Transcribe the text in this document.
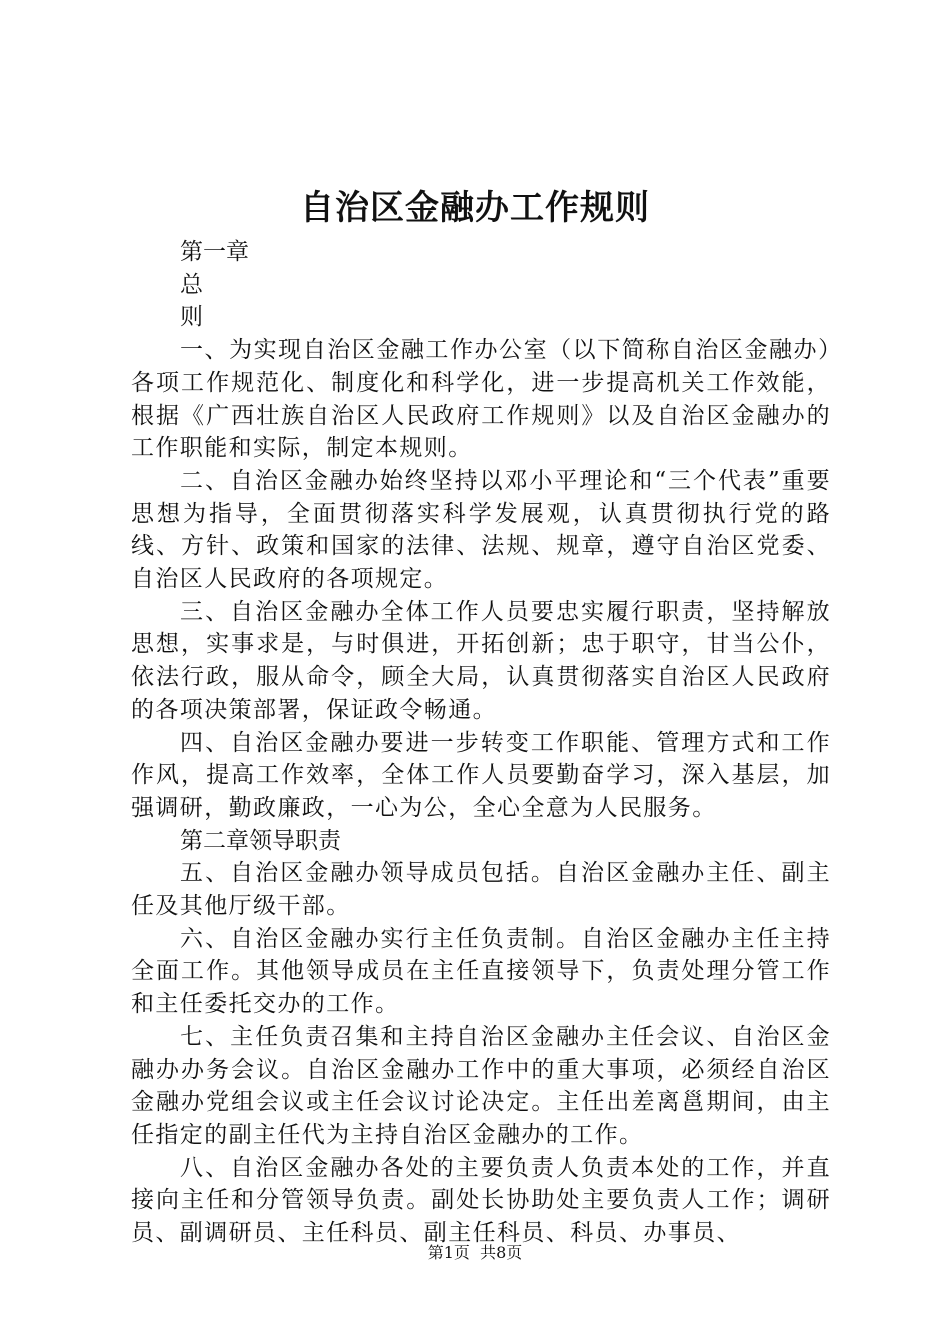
自治区金融办工作规则

第一章

总

则

一、为实现自治区金融工作办公室（以下简称自治区金融办）各项工作规范化、制度化和科学化，进一步提高机关工作效能，根据《广西壮族自治区人民政府工作规则》以及自治区金融办的工作职能和实际，制定本规则。

二、自治区金融办始终坚持以邓小平理论和“三个代表”重要思想为指导，全面贯彻落实科学发展观，认真贯彻执行党的路线、方针、政策和国家的法律、法规、规章，遵守自治区党委、自治区人民政府的各项规定。

三、自治区金融办全体工作人员要忠实履行职责，坚持解放思想，实事求是，与时俱进，开拓创新；忠于职守，甘当公仆，依法行政，服从命令，顾全大局，认真贯彻落实自治区人民政府的各项决策部署，保证政令畅通。

四、自治区金融办要进一步转变工作职能、管理方式和工作作风，提高工作效率，全体工作人员要勤奋学习，深入基层，加强调研，勤政廉政，一心为公，全心全意为人民服务。

第二章领导职责

五、自治区金融办领导成员包括。自治区金融办主任、副主任及其他厅级干部。

六、自治区金融办实行主任负责制。自治区金融办主任主持全面工作。其他领导成员在主任直接领导下，负责处理分管工作和主任委托交办的工作。

七、主任负责召集和主持自治区金融办主任会议、自治区金融办办务会议。自治区金融办工作中的重大事项，必须经自治区金融办党组会议或主任会议讨论决定。主任出差离邕期间，由主任指定的副主任代为主持自治区金融办的工作。

八、自治区金融办各处的主要负责人负责本处的工作，并直接向主任和分管领导负责。副处长协助处主要负责人工作；调研员、副调研员、主任科员、副主任科员、科员、办事员、

第1页 共8页
